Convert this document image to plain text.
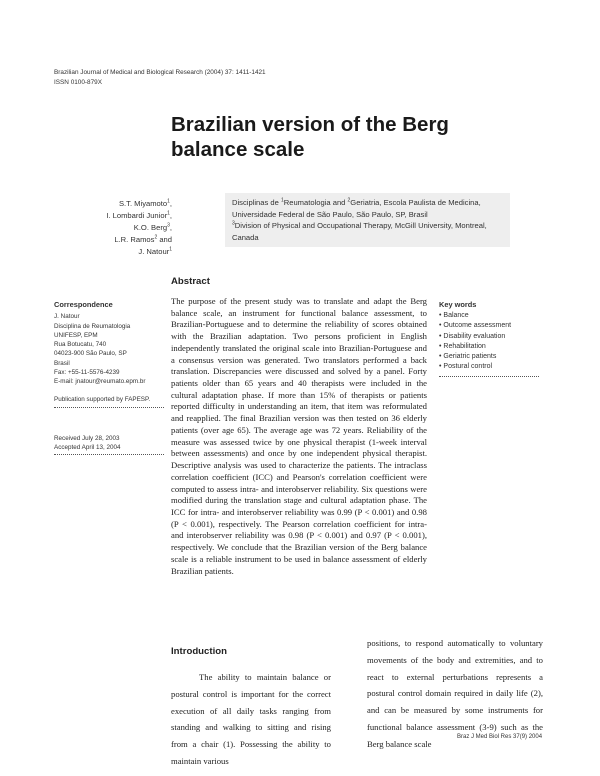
Brazilian Journal of Medical and Biological Research (2004) 37: 1411-1421
ISSN 0100-879X
Brazilian version of the Berg balance scale
S.T. Miyamoto$^1$,
I. Lombardi Junior$^1$,
K.O. Berg$^3$,
L.R. Ramos$^2$ and
J. Natour$^1$
Disciplinas de $^1$Reumatologia and $^2$Geriatria, Escola Paulista de Medicina, Universidade Federal de São Paulo, São Paulo, SP, Brasil
$^3$Division of Physical and Occupational Therapy, McGill University, Montreal, Canada
Abstract
Correspondence
J. Natour
Disciplina de Reumatologia
UNIFESP, EPM
Rua Botucatu, 740
04023-900 São Paulo, SP
Brasil
Fax: +55-11-5576-4239
E-mail: jnatour@reumato.epm.br
Publication supported by FAPESP.
Received July 28, 2003
Accepted April 13, 2004
The purpose of the present study was to translate and adapt the Berg balance scale, an instrument for functional balance assessment, to Brazilian-Portuguese and to determine the reliability of scores obtained with the Brazilian adaptation. Two persons proficient in English independently translated the original scale into Brazilian-Portuguese and a consensus version was generated. Two translators performed a back translation. Discrepancies were discussed and solved by a panel. Forty patients older than 65 years and 40 therapists were included in the cultural adaptation phase. If more than 15% of therapists or patients reported difficulty in understanding an item, that item was reformulated and reapplied. The final Brazilian version was then tested on 36 elderly patients (over age 65). The average age was 72 years. Reliability of the measure was assessed twice by one physical therapist (1-week interval between assessments) and once by one independent physical therapist. Descriptive analysis was used to characterize the patients. The intraclass correlation coefficient (ICC) and Pearson's correlation coefficient were computed to assess intra- and interobserver reliability. Six questions were modified during the translation stage and cultural adaptation phase. The ICC for intra- and interobserver reliability was 0.99 (P < 0.001) and 0.98 (P < 0.001), respectively. The Pearson correlation coefficient for intra- and interobserver reliability was 0.98 (P < 0.001) and 0.97 (P < 0.001), respectively. We conclude that the Brazilian version of the Berg balance scale is a reliable instrument to be used in balance assessment of elderly Brazilian patients.
Key words
• Balance
• Outcome assessment
• Disability evaluation
• Rehabilitation
• Geriatric patients
• Postural control
Introduction
The ability to maintain balance or postural control is important for the correct execution of all daily tasks ranging from standing and walking to sitting and rising from a chair (1). Possessing the ability to maintain various
positions, to respond automatically to voluntary movements of the body and extremities, and to react to external perturbations represents a postural control domain required in daily life (2), and can be measured by some instruments for functional balance assessment (3-9) such as the Berg balance scale
Braz J Med Biol Res 37(9) 2004
